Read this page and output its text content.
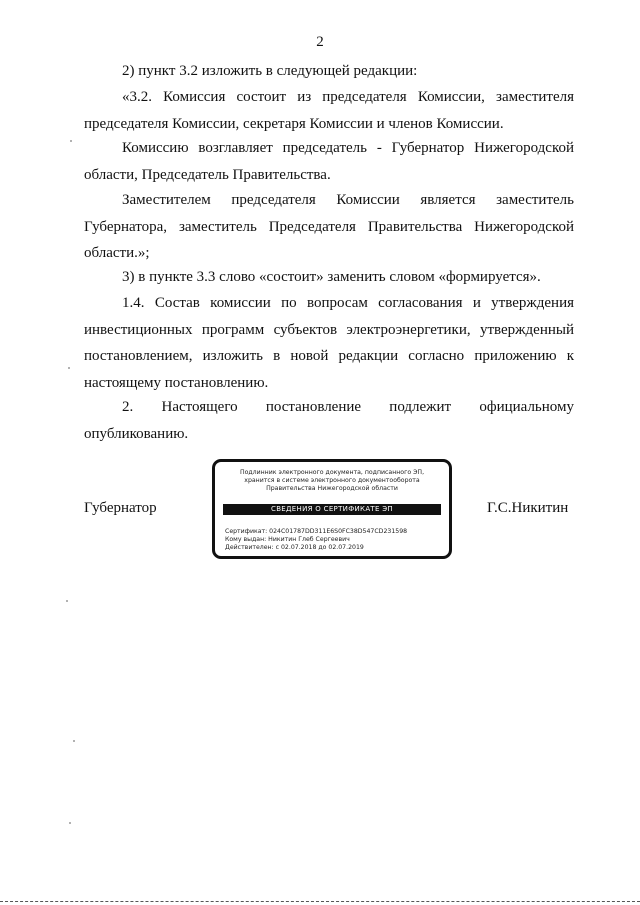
2

2) пункт 3.2 изложить в следующей редакции:

«3.2. Комиссия состоит из председателя Комиссии, заместителя председателя Комиссии, секретаря Комиссии и членов Комиссии.

Комиссию возглавляет председатель - Губернатор Нижегородской области, Председатель Правительства.

Заместителем председателя Комиссии является заместитель Губернатора, заместитель Председателя Правительства Нижегородской области.»;

3) в пункте 3.3 слово «состоит» заменить словом «формируется».

1.4. Состав комиссии по вопросам согласования и утверждения инвестиционных программ субъектов электроэнергетики, утвержденный постановлением, изложить в новой редакции согласно приложению к настоящему постановлению.

2. Настоящего постановление подлежит официальному опубликованию.

Губернатор
Подлинник электронного документа, подписанного ЭП,
хранится в системе электронного документооборота
Правительства Нижегородской области
СВЕДЕНИЯ О СЕРТИФИКАТЕ ЭП
Сертификат: 024C01787DD311E6S0FC38D547CD231598
Кому выдан: Никитин Глеб Сергеевич
Действителен: с 02.07.2018 до 02.07.2019
Г.С.Никитин
